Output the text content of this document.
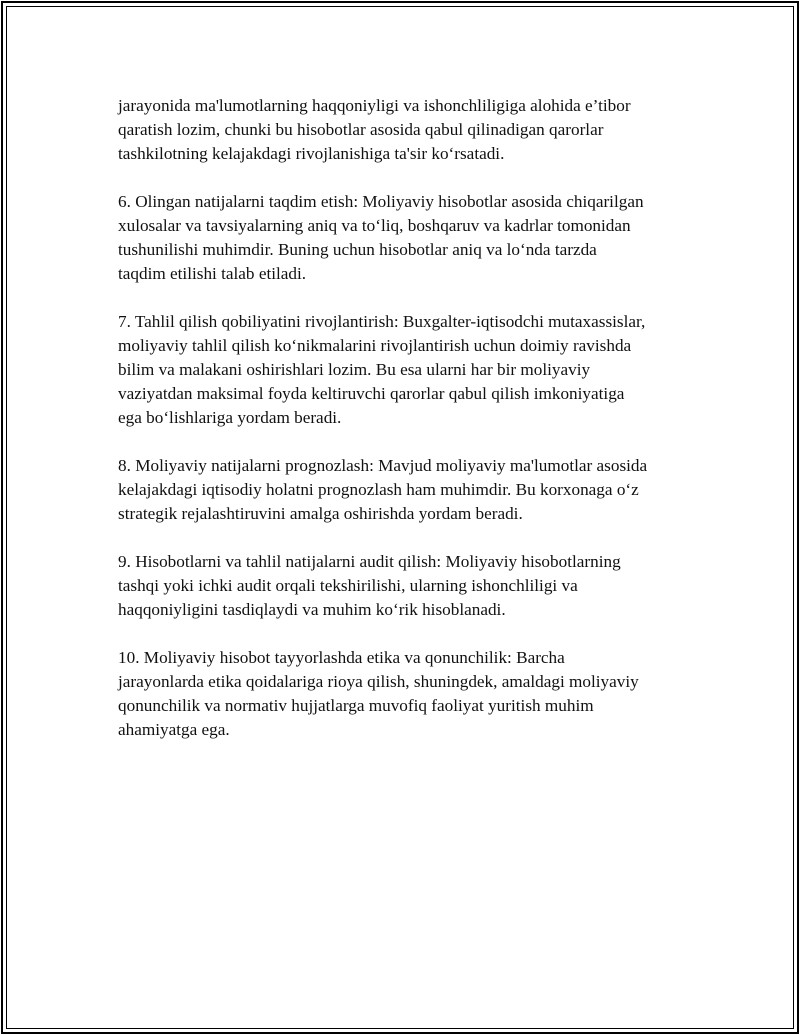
jarayonida ma'lumotlarning haqqoniyligi va ishonchliligiga alohida e’tibor
qaratish lozim, chunki bu hisobotlar asosida qabul qilinadigan qarorlar
tashkilotning kelajakdagi rivojlanishiga ta'sir ko‘rsatadi.

6. Olingan natijalarni taqdim etish: Moliyaviy hisobotlar asosida chiqarilgan
xulosalar va tavsiyalarning aniq va to‘liq, boshqaruv va kadrlar tomonidan
tushunilishi muhimdir. Buning uchun hisobotlar aniq va lo‘nda tarzda
taqdim etilishi talab etiladi.

7. Tahlil qilish qobiliyatini rivojlantirish: Buxgalter-iqtisodchi mutaxassislar,
moliyaviy tahlil qilish ko‘nikmalarini rivojlantirish uchun doimiy ravishda
bilim va malakani oshirishlari lozim. Bu esa ularni har bir moliyaviy
vaziyatdan maksimal foyda keltiruvchi qarorlar qabul qilish imkoniyatiga
ega bo‘lishlariga yordam beradi.

8. Moliyaviy natijalarni prognozlash: Mavjud moliyaviy ma'lumotlar asosida
kelajakdagi iqtisodiy holatni prognozlash ham muhimdir. Bu korxonaga o‘z
strategik rejalashtiruvini amalga oshirishda yordam beradi.

9. Hisobotlarni va tahlil natijalarni audit qilish: Moliyaviy hisobotlarning
tashqi yoki ichki audit orqali tekshirilishi, ularning ishonchliligi va
haqqoniyligini tasdiqlaydi va muhim ko‘rik hisoblanadi.

10. Moliyaviy hisobot tayyorlashda etika va qonunchilik: Barcha
jarayonlarda etika qoidalariga rioya qilish, shuningdek, amaldagi moliyaviy
qonunchilik va normativ hujjatlarga muvofiq faoliyat yuritish muhim
ahamiyatga ega.
